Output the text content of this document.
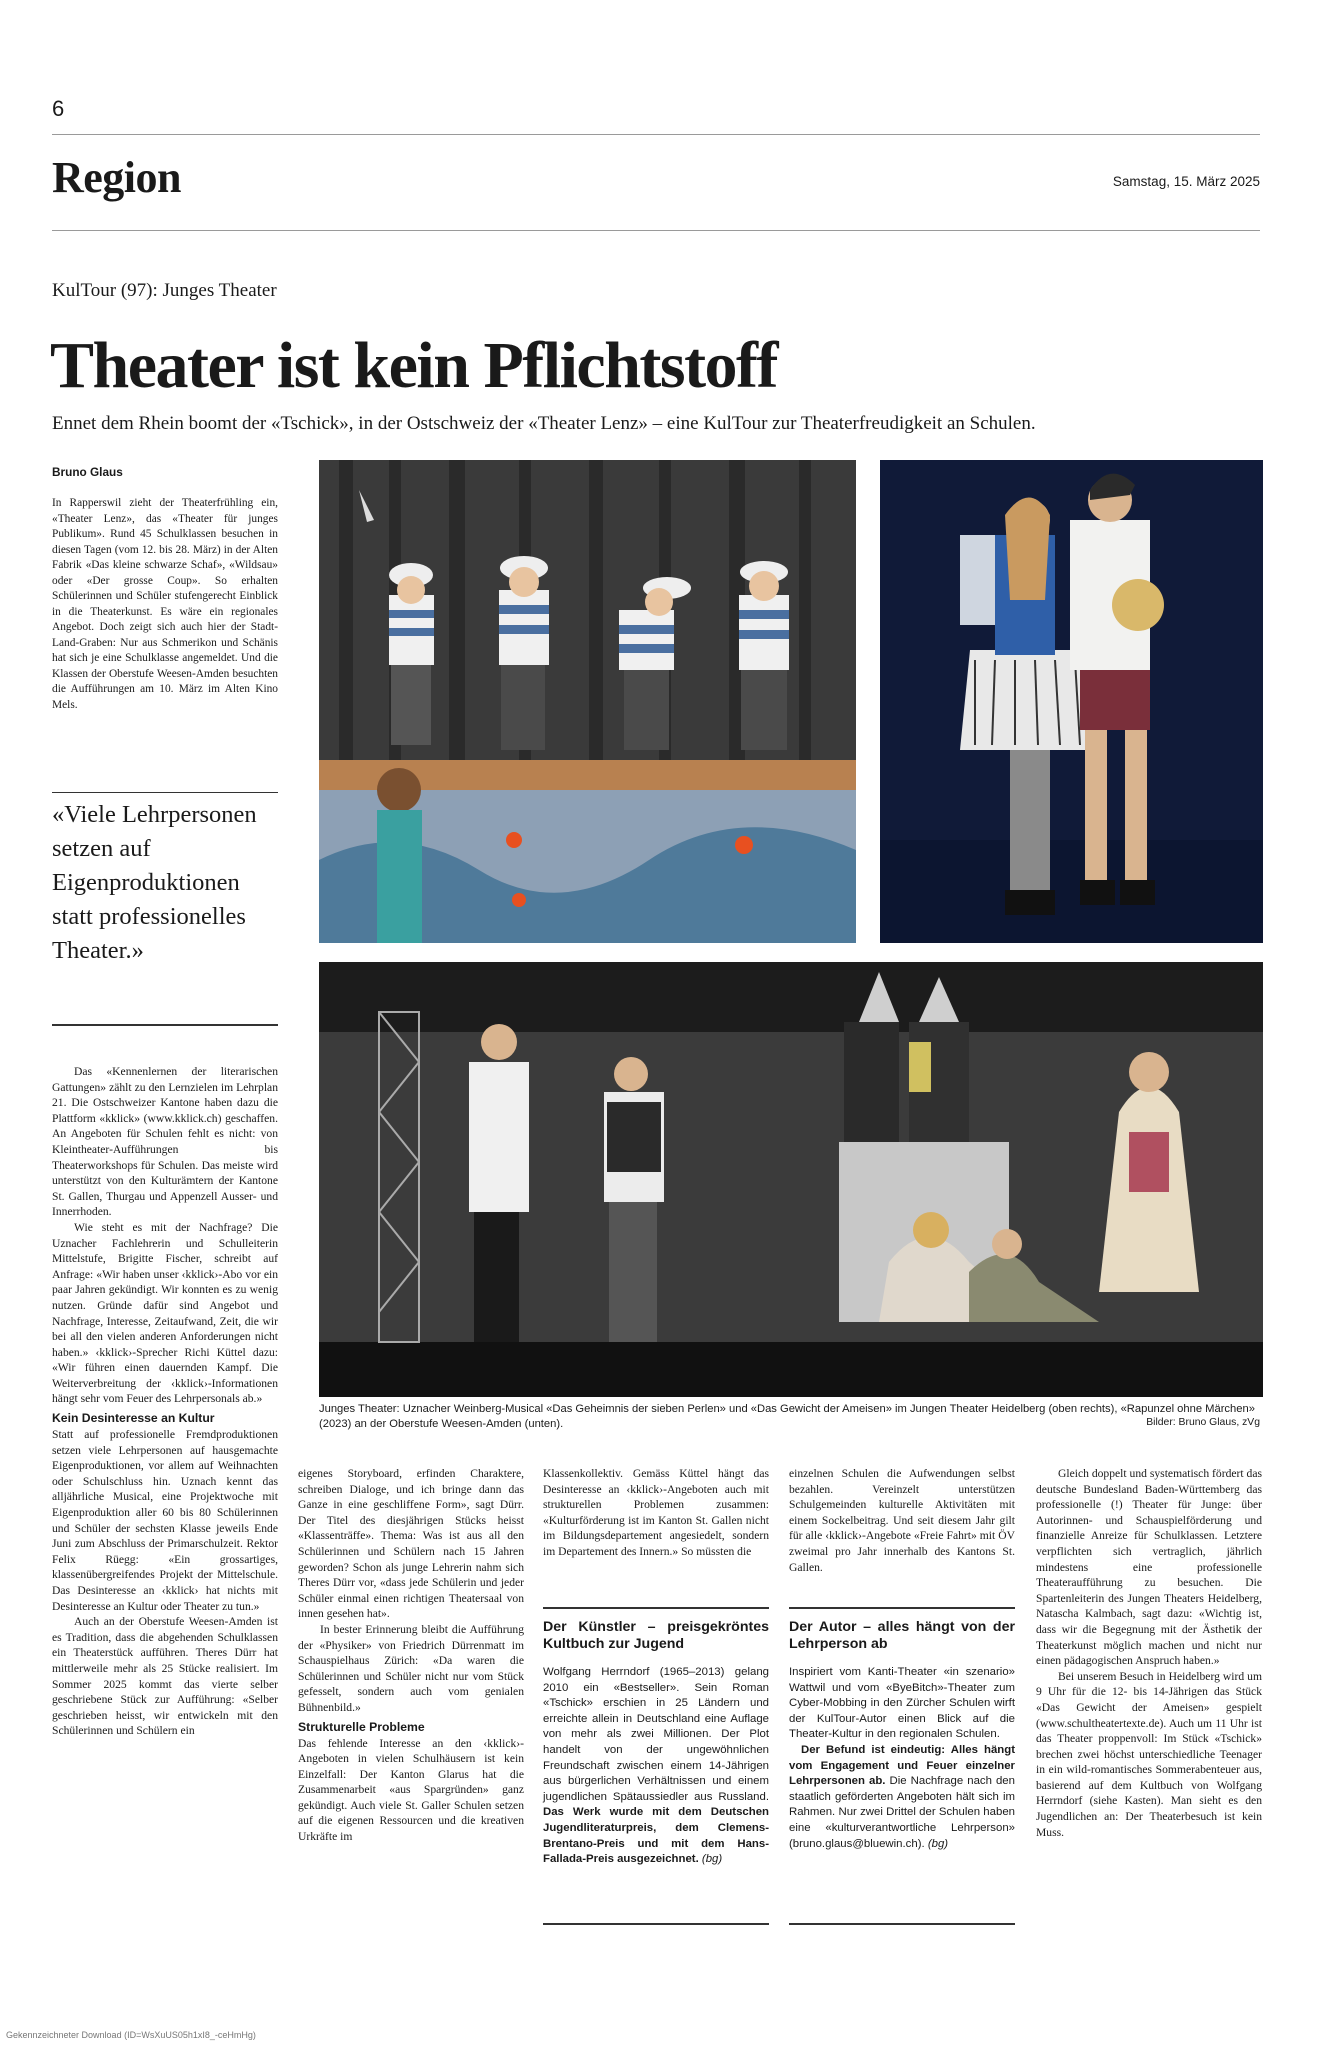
6
Region	Samstag, 15. März 2025
KulTour (97): Junges Theater
Theater ist kein Pflichtstoff
Ennet dem Rhein boomt der «Tschick», in der Ostschweiz der «Theater Lenz» – eine KulTour zur Theaterfreudigkeit an Schulen.
Bruno Glaus

In Rapperswil zieht der Theaterfrühling ein, «Theater Lenz», das «Theater für junges Publikum». Rund 45 Schulklassen besuchen in diesen Tagen (vom 12. bis 28. März) in der Alten Fabrik «Das kleine schwarze Schaf», «Wildsau» oder «Der grosse Coup». So erhalten Schülerinnen und Schüler stufengerecht Einblick in die Theaterkunst. Es wäre ein regionales Angebot. Doch zeigt sich auch hier der Stadt-Land-Graben: Nur aus Schmerikon und Schänis hat sich je eine Schulklasse angemeldet. Und die Klassen der Oberstufe Weesen-Amden besuchten die Aufführungen am 10. März im Alten Kino Mels.

«Viele Lehrpersonen setzen auf Eigenproduktionen statt professionelles Theater.»

Das «Kennenlernen der literarischen Gattungen» zählt zu den Lernzielen im Lehrplan 21. Die Ostschweizer Kantone haben dazu die Plattform «kklick» (www.kklick.ch) geschaffen. An Angeboten für Schulen fehlt es nicht: von Kleintheater-Aufführungen bis Theaterworkshops für Schulen. Das meiste wird unterstützt von den Kulturämtern der Kantone St. Gallen, Thurgau und Appenzell Ausser- und Innerrhoden.

Wie steht es mit der Nachfrage? Die Uznacher Fachlehrerin und Schulleiterin Mittelstufe, Brigitte Fischer, schreibt auf Anfrage: «Wir haben unser ‹kklick›-Abo vor ein paar Jahren gekündigt. Wir konnten es zu wenig nutzen. Gründe dafür sind Angebot und Nachfrage, Interesse, Zeitaufwand, Zeit, die wir bei all den vielen anderen Anforderungen nicht haben.» ‹kklick›-Sprecher Richi Küttel dazu: «Wir führen einen dauernden Kampf. Die Weiterverbreitung der ‹kklick›-Informationen hängt sehr vom Feuer des Lehrpersonals ab.»

Kein Desinteresse an Kultur

Statt auf professionelle Fremdproduktionen setzen viele Lehrpersonen auf hausgemachte Eigenproduktionen, vor allem auf Weihnachten oder Schulschluss hin. Uznach kennt das alljährliche Musical, eine Projektwoche mit Eigenproduktion aller 60 bis 80 Schülerinnen und Schüler der sechsten Klasse jeweils Ende Juni zum Abschluss der Primarschulzeit. Rektor Felix Rüegg: «Ein grossartiges, klassenübergreifendes Projekt der Mittelschule. Das Desinteresse an ‹kklick› hat nichts mit Desinteresse an Kultur oder Theater zu tun.»

Auch an der Oberstufe Weesen-Amden ist es Tradition, dass die abgehenden Schulklassen ein Theaterstück aufführen. Theres Dürr hat mittlerweile mehr als 25 Stücke realisiert. Im Sommer 2025 kommt das vierte selber geschriebene Stück zur Aufführung: «Selber geschrieben heisst, wir entwickeln mit den Schülerinnen und Schülern ein

Junges Theater: Uznacher Weinberg-Musical «Das Geheimnis der sieben Perlen» und «Das Gewicht der Ameisen» im Jungen Theater Heidelberg (oben rechts), «Rapunzel ohne Märchen» (2023) an der Oberstufe Weesen-Amden (unten).	Bilder: Bruno Glaus, zVg

eigenes Storyboard, erfinden Charaktere, schreiben Dialoge, und ich bringe dann das Ganze in eine geschliffene Form», sagt Dürr. Der Titel des diesjährigen Stücks heisst «Klassenträffe». Thema: Was ist aus all den Schülerinnen und Schülern nach 15 Jahren geworden? Schon als junge Lehrerin nahm sich Theres Dürr vor, «dass jede Schülerin und jeder Schüler einmal einen richtigen Theatersaal von innen gesehen hat».

In bester Erinnerung bleibt die Aufführung der «Physiker» von Friedrich Dürrenmatt im Schauspielhaus Zürich: «Da waren die Schülerinnen und Schüler nicht nur vom Stück gefesselt, sondern auch vom genialen Bühnenbild.»

Strukturelle Probleme

Das fehlende Interesse an den ‹kklick›-Angeboten in vielen Schulhäusern ist kein Einzelfall: Der Kanton Glarus hat die Zusammenarbeit «aus Spargründen» ganz gekündigt. Auch viele St. Galler Schulen setzen auf die eigenen Ressourcen und die kreativen Urkräfte im

Klassenkollektiv. Gemäss Küttel hängt das Desinteresse an ‹kklick›-Angeboten auch mit strukturellen Problemen zusammen: «Kulturförderung ist im Kanton St. Gallen nicht im Bildungsdepartement angesiedelt, sondern im Departement des Innern.» So müssten die

einzelnen Schulen die Aufwendungen selbst bezahlen. Vereinzelt unterstützen Schulgemeinden kulturelle Aktivitäten mit einem Sockelbeitrag. Und seit diesem Jahr gilt für alle ‹kklick›-Angebote «Freie Fahrt» mit ÖV zweimal pro Jahr innerhalb des Kantons St. Gallen.

Der Künstler – preisgekröntes Kultbuch zur Jugend

Wolfgang Herrndorf (1965–2013) gelang 2010 ein «Bestseller». Sein Roman «Tschick» erschien in 25 Ländern und erreichte allein in Deutschland eine Auflage von mehr als zwei Millionen. Der Plot handelt von der ungewöhnlichen Freundschaft zwischen einem 14-Jährigen aus bürgerlichen Verhältnissen und einem jugendlichen Spätaussiedler aus Russland. Das Werk wurde mit dem Deutschen Jugendliteraturpreis, dem Clemens-Brentano-Preis und mit dem Hans-Fallada-Preis ausgezeichnet. (bg)

Der Autor – alles hängt von der Lehrperson ab

Inspiriert vom Kanti-Theater «in szenario» Wattwil und vom «ByeBitch»-Theater zum Cyber-Mobbing in den Zürcher Schulen wirft der KulTour-Autor einen Blick auf die Theater-Kultur in den regionalen Schulen.

Der Befund ist eindeutig: Alles hängt vom Engagement und Feuer einzelner Lehrpersonen ab. Die Nachfrage nach den staatlich geförderten Angeboten hält sich im Rahmen. Nur zwei Drittel der Schulen haben eine «kulturverantwortliche Lehrperson» (bruno.glaus@bluewin.ch). (bg)

Gleich doppelt und systematisch fördert das deutsche Bundesland Baden-Württemberg das professionelle (!) Theater für Junge: über Autorinnen- und Schauspielförderung und finanzielle Anreize für Schulklassen. Letztere verpflichten sich vertraglich, jährlich mindestens eine professionelle Theateraufführung zu besuchen. Die Spartenleiterin des Jungen Theaters Heidelberg, Natascha Kalmbach, sagt dazu: «Wichtig ist, dass wir die Begegnung mit der Ästhetik der Theaterkunst möglich machen und nicht nur einen pädagogischen Anspruch haben.»

Bei unserem Besuch in Heidelberg wird um 9 Uhr für die 12- bis 14-Jährigen das Stück «Das Gewicht der Ameisen» gespielt (www.schultheatertexte.de). Auch um 11 Uhr ist das Theater proppenvoll: Im Stück «Tschick» brechen zwei höchst unterschiedliche Teenager in ein wild-romantisches Sommerabenteuer aus, basierend auf dem Kultbuch von Wolfgang Herrndorf (siehe Kasten). Man sieht es den Jugendlichen an: Der Theaterbesuch ist kein Muss.

Gekennzeichneter Download (ID=WsXuUS05h1xI8_-ceHmHg)
